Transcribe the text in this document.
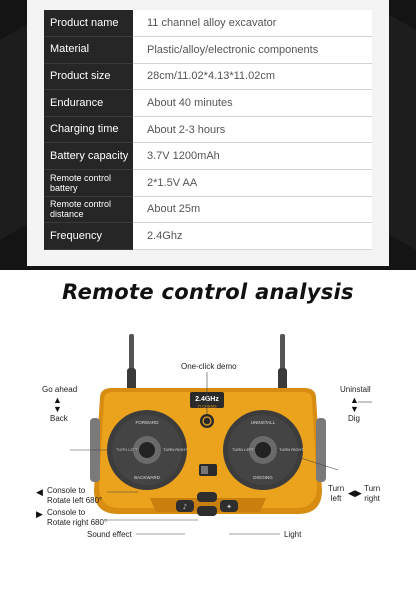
Product name	11 channel alloy excavator
Material	Plastic/alloy/electronic components
Product size	28cm/11.02*4.13*11.02cm
Endurance	About 40 minutes
Charging time	About 2-3 hours
Battery capacity	3.7V 1200mAh
Remote control battery	2*1.5V AA
Remote control distance	About 25m
Frequency	2.4Ghz
Remote control analysis
FORWARD
BACKWARD
TURN LEFT	TURN RIGHT
UNINSTALL
DIGGING
TURN LEFT	TURN RIGHT
2.4GHz
YI CHENG
♪	✦
One-click demo
Go ahead
▲
▼
Back
Uninstall
▲
▼
Dig
◀ Console to
Rotate left 680°
▶ Console to
Rotate right 680°
Turn
left
◀▶ Turn
right
Sound effect	Light
